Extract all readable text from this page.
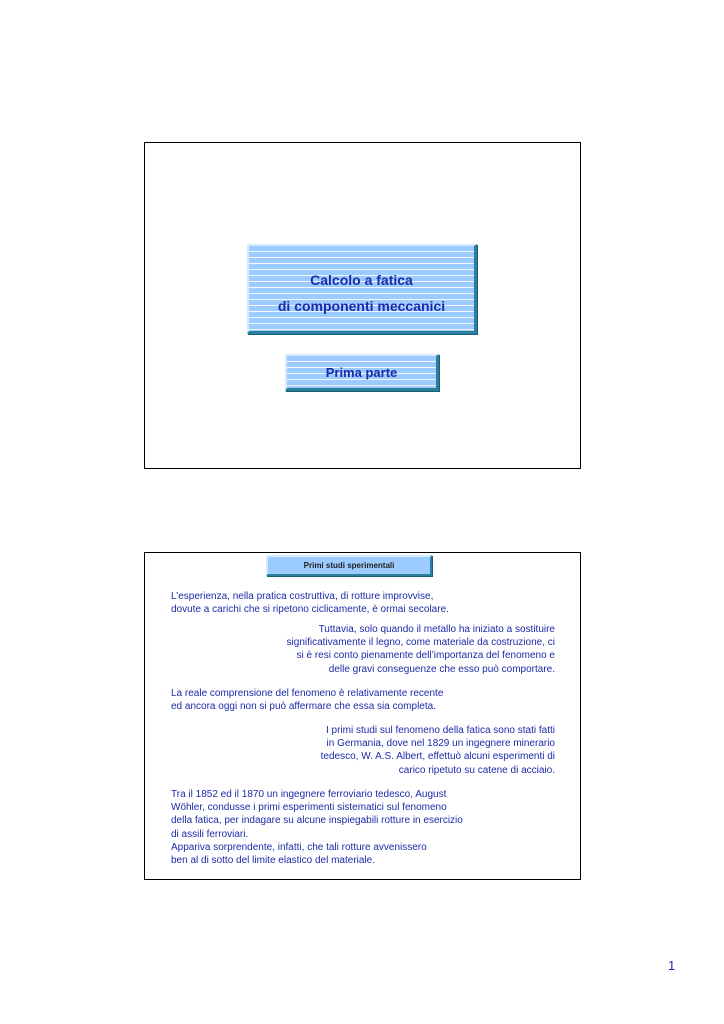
Calcolo a fatica
di componenti meccanici
Prima parte
Primi studi sperimentali

L’esperienza, nella pratica costruttiva, di rotture improvvise,
dovute a carichi che si ripetono ciclicamente, è ormai secolare.

Tuttavia, solo quando il metallo ha iniziato a sostituire
significativamente il legno, come materiale da costruzione, ci
si è resi conto pienamente dell’importanza del fenomeno e
delle gravi conseguenze che esso può comportare.

La reale comprensione del fenomeno è relativamente recente
ed ancora oggi non si può affermare che essa sia completa.

I primi studi sul fenomeno della fatica sono stati fatti
in Germania, dove nel 1829 un ingegnere minerario
tedesco, W. A.S. Albert, effettuò alcuni esperimenti di
carico ripetuto su catene di acciaio.

Tra il 1852 ed il 1870 un ingegnere ferroviario tedesco, August
Wöhler, condusse i primi esperimenti sistematici sul fenomeno
della fatica, per indagare su alcune inspiegabili rotture in esercizio
di assili ferroviari.
Appariva sorprendente, infatti, che tali rotture avvenissero
ben al di sotto del limite elastico del materiale.

1
